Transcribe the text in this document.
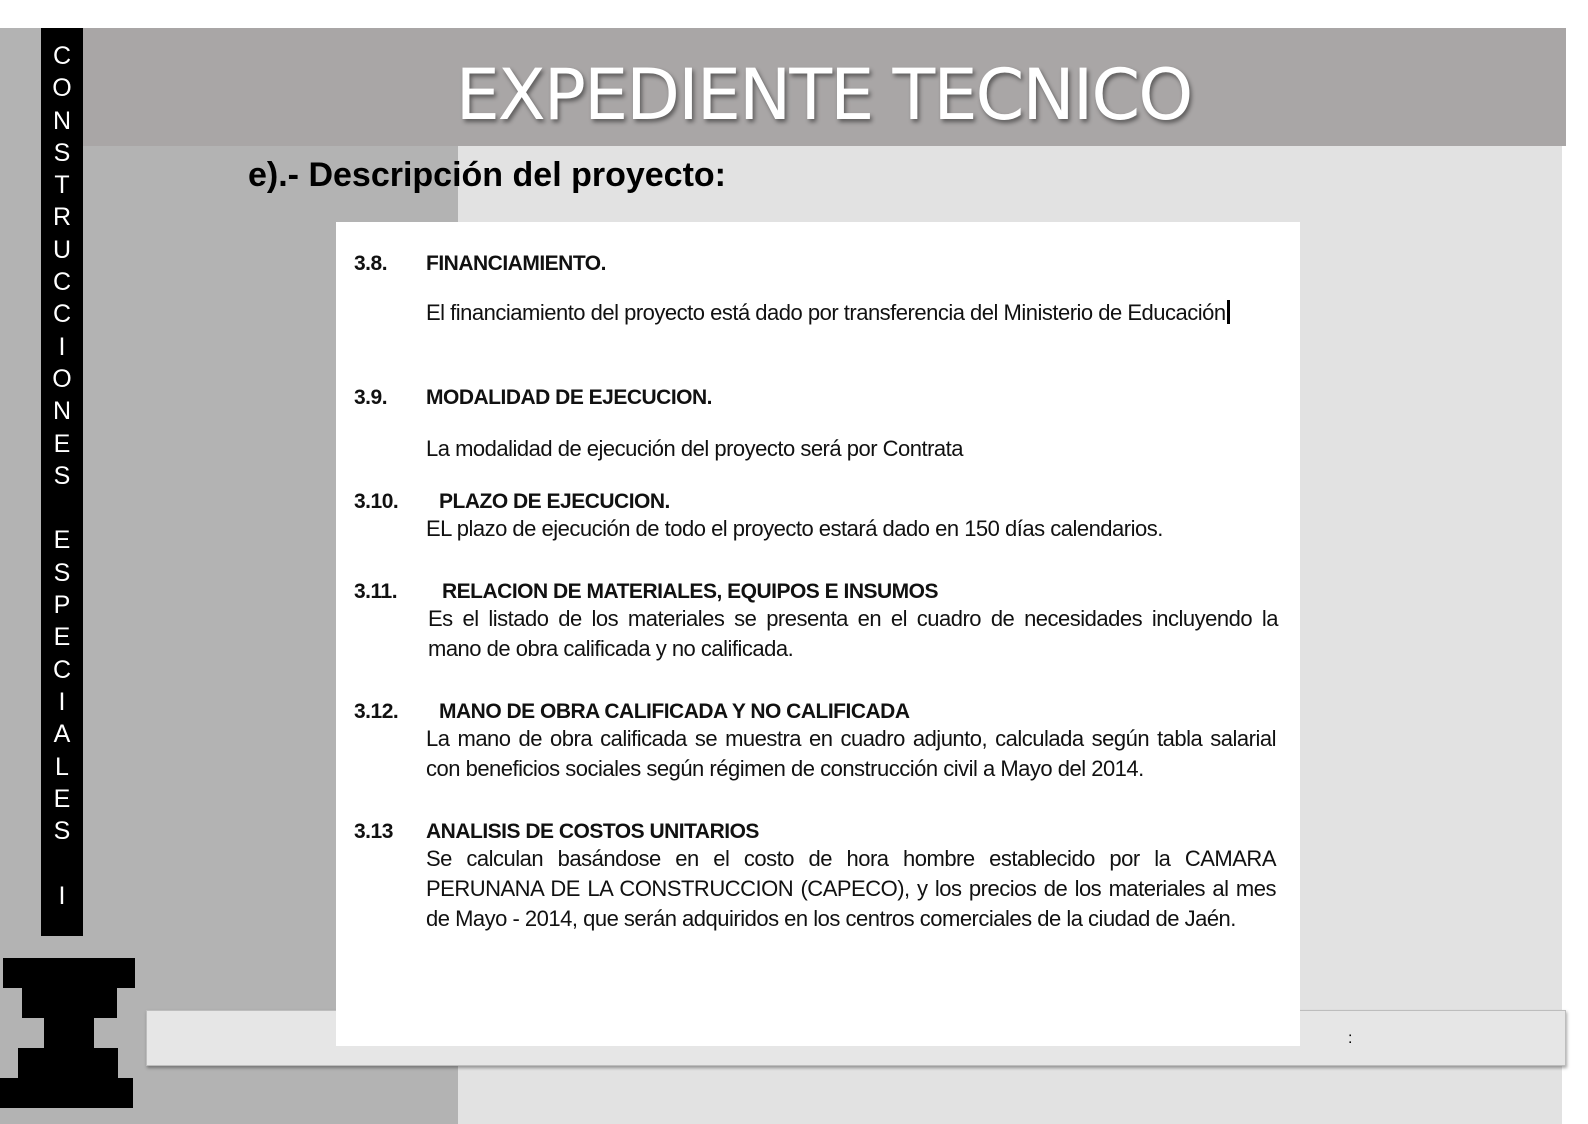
EXPEDIENTE TECNICO
C
O
N
S
T
R
U
C
C
I
O
N
E
S

E
S
P
E
C
I
A
L
E
S

I
e).- Descripción del proyecto:
:
3.8. FINANCIAMIENTO.
El financiamiento del proyecto está dado por transferencia del Ministerio de Educación
3.9. MODALIDAD DE EJECUCION.
La modalidad de ejecución del proyecto será por Contrata
3.10. PLAZO DE EJECUCION.
EL plazo de ejecución de todo el proyecto estará dado en 150 días calendarios.
3.11. RELACION DE MATERIALES, EQUIPOS E INSUMOS
Es el listado de los materiales se presenta en el cuadro de necesidades incluyendo la mano de obra calificada y no calificada.
3.12. MANO DE OBRA CALIFICADA Y NO CALIFICADA
La mano de obra calificada se muestra en cuadro adjunto, calculada según tabla salarial con beneficios sociales según régimen de construcción civil a Mayo del 2014.
3.13 ANALISIS DE COSTOS UNITARIOS
Se calculan basándose en el costo de hora hombre establecido por la CAMARA PERUNANA DE LA CONSTRUCCION (CAPECO), y los precios de los materiales al mes de Mayo - 2014, que serán adquiridos en los centros comerciales de la ciudad de Jaén.
